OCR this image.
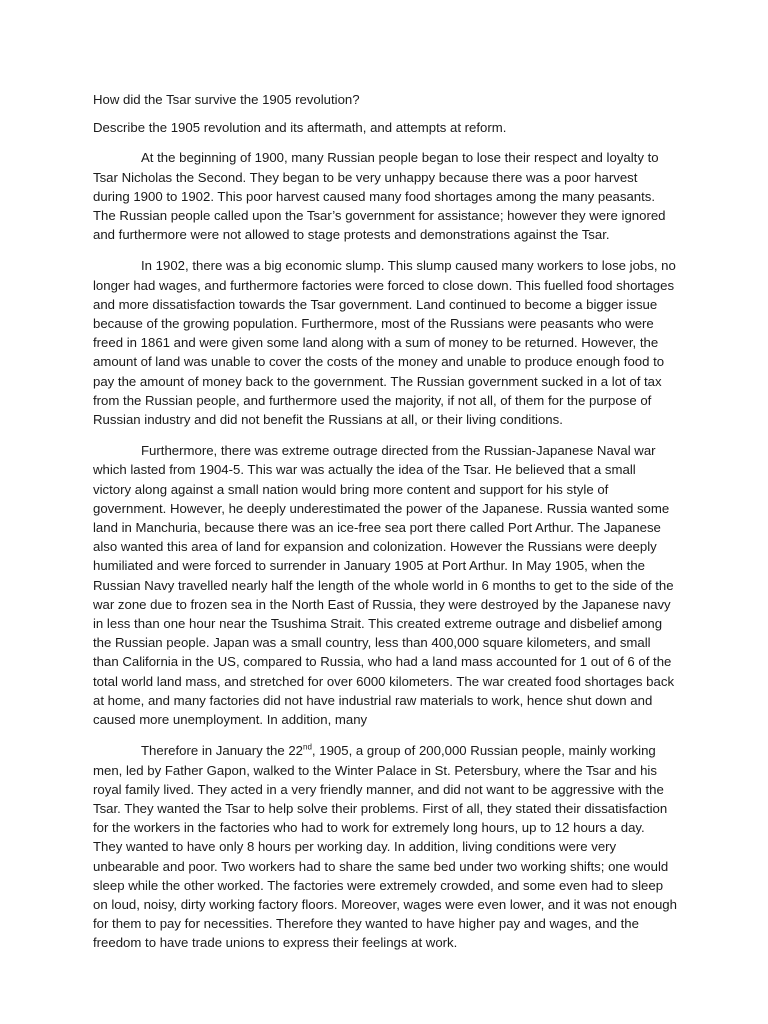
How did the Tsar survive the 1905 revolution?
Describe the 1905 revolution and its aftermath, and attempts at reform.

At the beginning of 1900, many Russian people began to lose their respect and loyalty to Tsar Nicholas the Second. They began to be very unhappy because there was a poor harvest during 1900 to 1902. This poor harvest caused many food shortages among the many peasants. The Russian people called upon the Tsar’s government for assistance; however they were ignored and furthermore were not allowed to stage protests and demonstrations against the Tsar.

In 1902, there was a big economic slump. This slump caused many workers to lose jobs, no longer had wages, and furthermore factories were forced to close down. This fuelled food shortages and more dissatisfaction towards the Tsar government. Land continued to become a bigger issue because of the growing population. Furthermore, most of the Russians were peasants who were freed in 1861 and were given some land along with a sum of money to be returned. However, the amount of land was unable to cover the costs of the money and unable to produce enough food to pay the amount of money back to the government. The Russian government sucked in a lot of tax from the Russian people, and furthermore used the majority, if not all, of them for the purpose of Russian industry and did not benefit the Russians at all, or their living conditions.

Furthermore, there was extreme outrage directed from the Russian-Japanese Naval war which lasted from 1904-5. This war was actually the idea of the Tsar. He believed that a small victory along against a small nation would bring more content and support for his style of government. However, he deeply underestimated the power of the Japanese. Russia wanted some land in Manchuria, because there was an ice-free sea port there called Port Arthur. The Japanese also wanted this area of land for expansion and colonization. However the Russians were deeply humiliated and were forced to surrender in January 1905 at Port Arthur. In May 1905, when the Russian Navy travelled nearly half the length of the whole world in 6 months to get to the side of the war zone due to frozen sea in the North East of Russia, they were destroyed by the Japanese navy in less than one hour near the Tsushima Strait. This created extreme outrage and disbelief among the Russian people. Japan was a small country, less than 400,000 square kilometers, and small than California in the US, compared to Russia, who had a land mass accounted for 1 out of 6 of the total world land mass, and stretched for over 6000 kilometers. The war created food shortages back at home, and many factories did not have industrial raw materials to work, hence shut down and caused more unemployment. In addition, many

Therefore in January the 22nd, 1905, a group of 200,000 Russian people, mainly working men, led by Father Gapon, walked to the Winter Palace in St. Petersbury, where the Tsar and his royal family lived. They acted in a very friendly manner, and did not want to be aggressive with the Tsar. They wanted the Tsar to help solve their problems. First of all, they stated their dissatisfaction for the workers in the factories who had to work for extremely long hours, up to 12 hours a day. They wanted to have only 8 hours per working day. In addition, living conditions were very unbearable and poor. Two workers had to share the same bed under two working shifts; one would sleep while the other worked. The factories were extremely crowded, and some even had to sleep on loud, noisy, dirty working factory floors. Moreover, wages were even lower, and it was not enough for them to pay for necessities. Therefore they wanted to have higher pay and wages, and the freedom to have trade unions to express their feelings at work.
